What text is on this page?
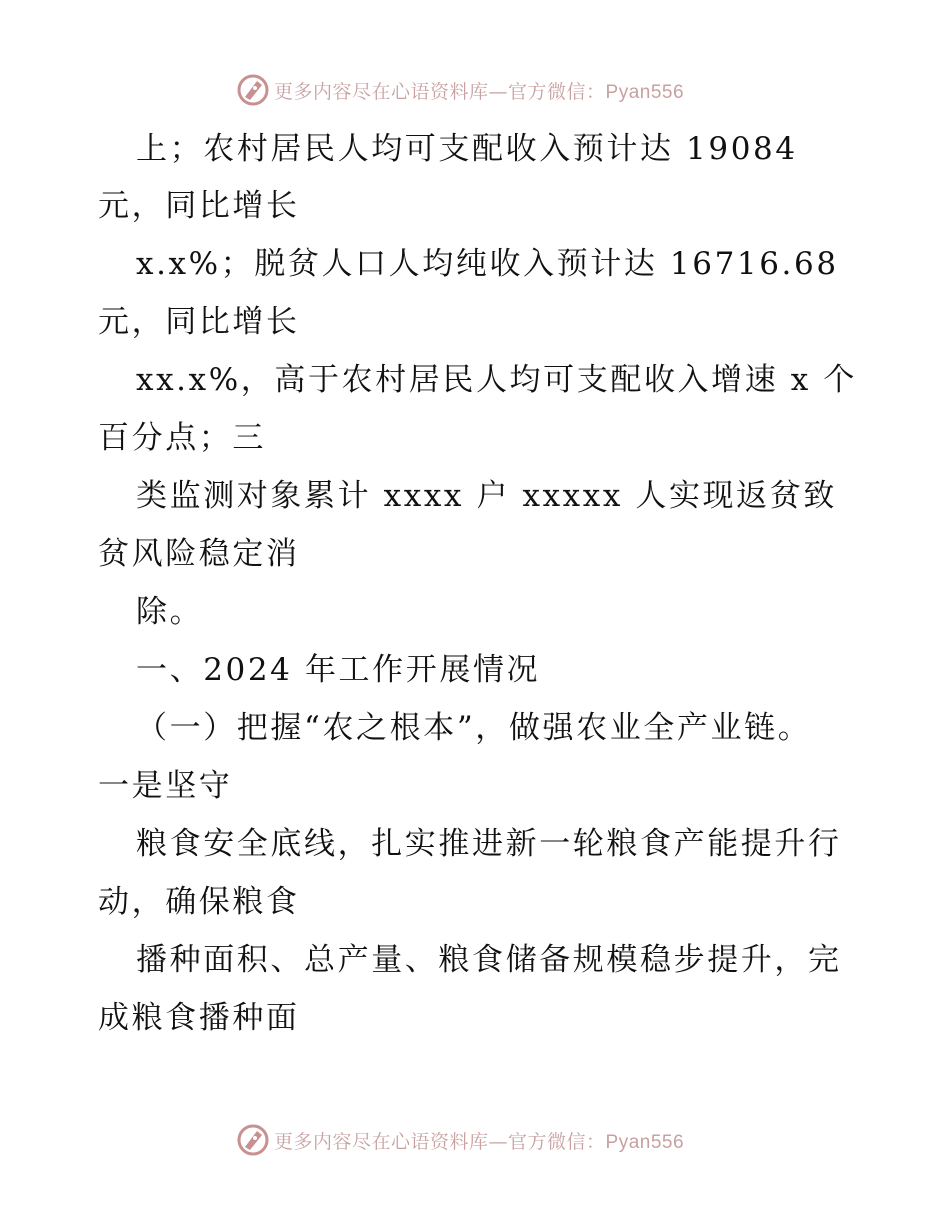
更多内容尽在心语资料库—官方微信：Pyan556
上；农村居民人均可支配收入预计达 19084
元，同比增长
x.x%；脱贫人口人均纯收入预计达 16716.68
元，同比增长
xx.x%，高于农村居民人均可支配收入增速 x 个
百分点；三
类监测对象累计 xxxx 户 xxxxx 人实现返贫致
贫风险稳定消
除。
一、2024 年工作开展情况
（一）把握“农之根本”，做强农业全产业链。
一是坚守
粮食安全底线，扎实推进新一轮粮食产能提升行
动，确保粮食
播种面积、总产量、粮食储备规模稳步提升，完
成粮食播种面
更多内容尽在心语资料库—官方微信：Pyan556
